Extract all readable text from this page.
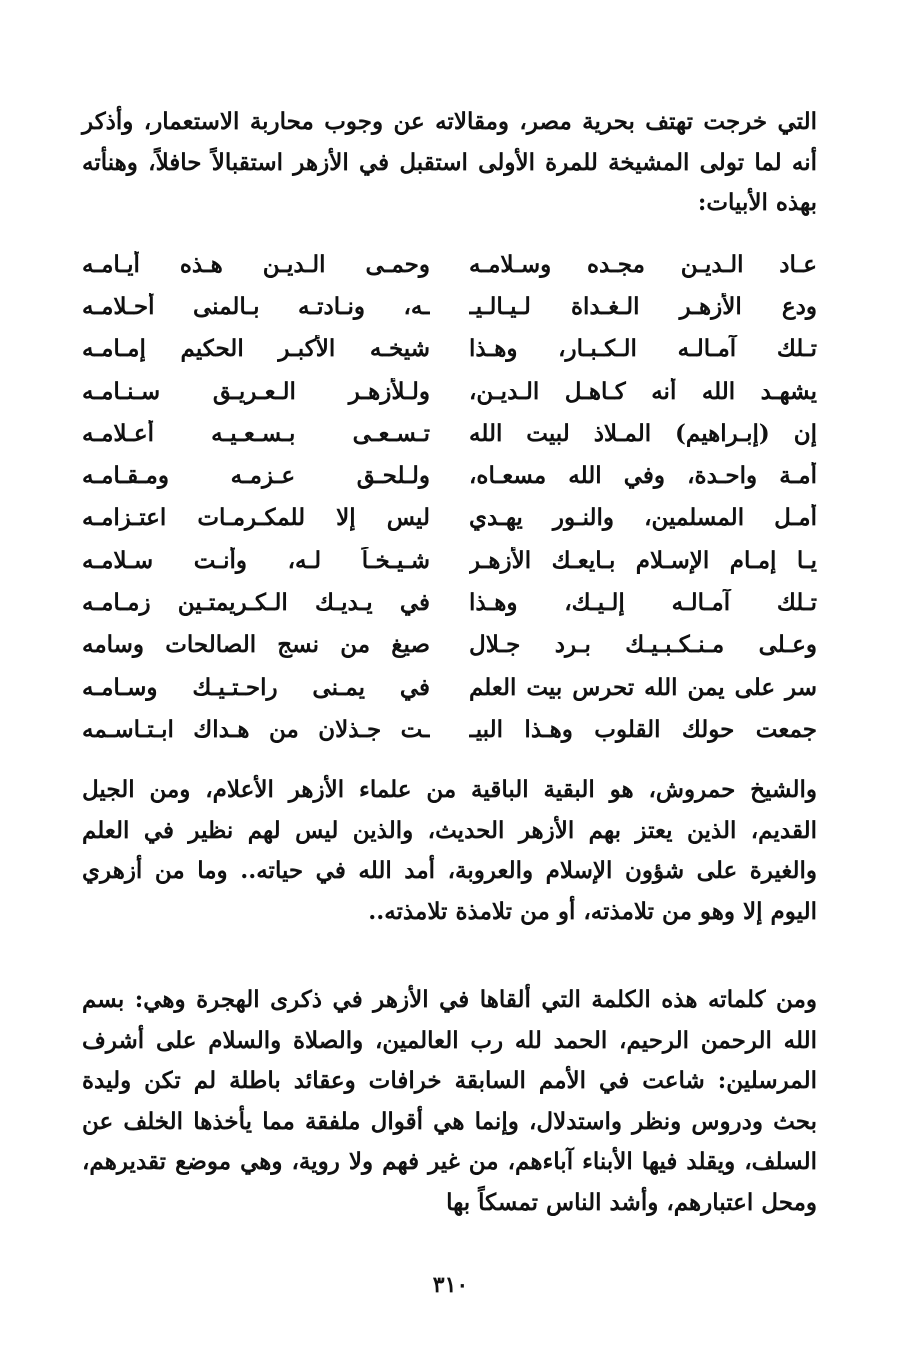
التي خرجت تهتف بحرية مصر، ومقالاته عن وجوب محاربة الاستعمار، وأذكر أنه لما تولى المشيخة للمرة الأولى استقبل في الأزهر استقبالاً حافلاً، وهنأته بهذه الأبيات:

عـاد الـديـن مجـده وسـلامـه
وحمـى الـديـن هـذه أيـامـه
ودع الأزهـر الـغـداة لـيـالـيـ
ـه، ونـادتـه بـالمنى أحـلامـه
تـلك آمـالـه الـكـبـار، وهـذا
شيخـه الأكبـر الحكيم إمـامـه
يشهـد الله أنه كـاهـل الـديـن،
ولـلأزهـر الـعـريـق سـنـامـه
إن (إبـراهيم) المـلاذ لبيت الله
تـسـعـى بـسـعـيـه أعـلامـه
أمـة واحـدة، وفي الله مسعـاه،
ولـلحـق عـزمـه ومـقـامـه
أمـل المسلمين، والنـور يهـدي
ليس إلا للمكـرمـات اعتـزامـه
يـا إمـام الإسـلام بـايعـك الأزهـر
شـيـخـاً لـه، وأنـت سـلامـه
تـلك آمـالـه إلـيـك، وهـذا
في يـديـك الـكـريمتـين زمـامـه
وعـلى مـنـكـبـيـك بـرد جـلال
صيغ من نسج الصالحات وسامه
سر على يمن الله تحرس بيت العلم
في يمـنى راحـتـيـك وسـامـه
جمعت حولك القلوب وهـذا البيـ
ـت جـذلان من هـداك ابـتـاسـمه

والشيخ حمروش، هو البقية الباقية من علماء الأزهر الأعلام، ومن الجيل القديم، الذين يعتز بهم الأزهر الحديث، والذين ليس لهم نظير في العلم والغيرة على شؤون الإسلام والعروبة، أمد الله في حياته.. وما من أزهري اليوم إلا وهو من تلامذته، أو من تلامذة تلامذته..

ومن كلماته هذه الكلمة التي ألقاها في الأزهر في ذكرى الهجرة وهي: بسم الله الرحمن الرحيم، الحمد لله رب العالمين، والصلاة والسلام على أشرف المرسلين: شاعت في الأمم السابقة خرافات وعقائد باطلة لم تكن وليدة بحث ودروس ونظر واستدلال، وإنما هي أقوال ملفقة مما يأخذها الخلف عن السلف، ويقلد فيها الأبناء آباءهم، من غير فهم ولا روية، وهي موضع تقديرهم، ومحل اعتبارهم، وأشد الناس تمسكاً بها

٣١٠
